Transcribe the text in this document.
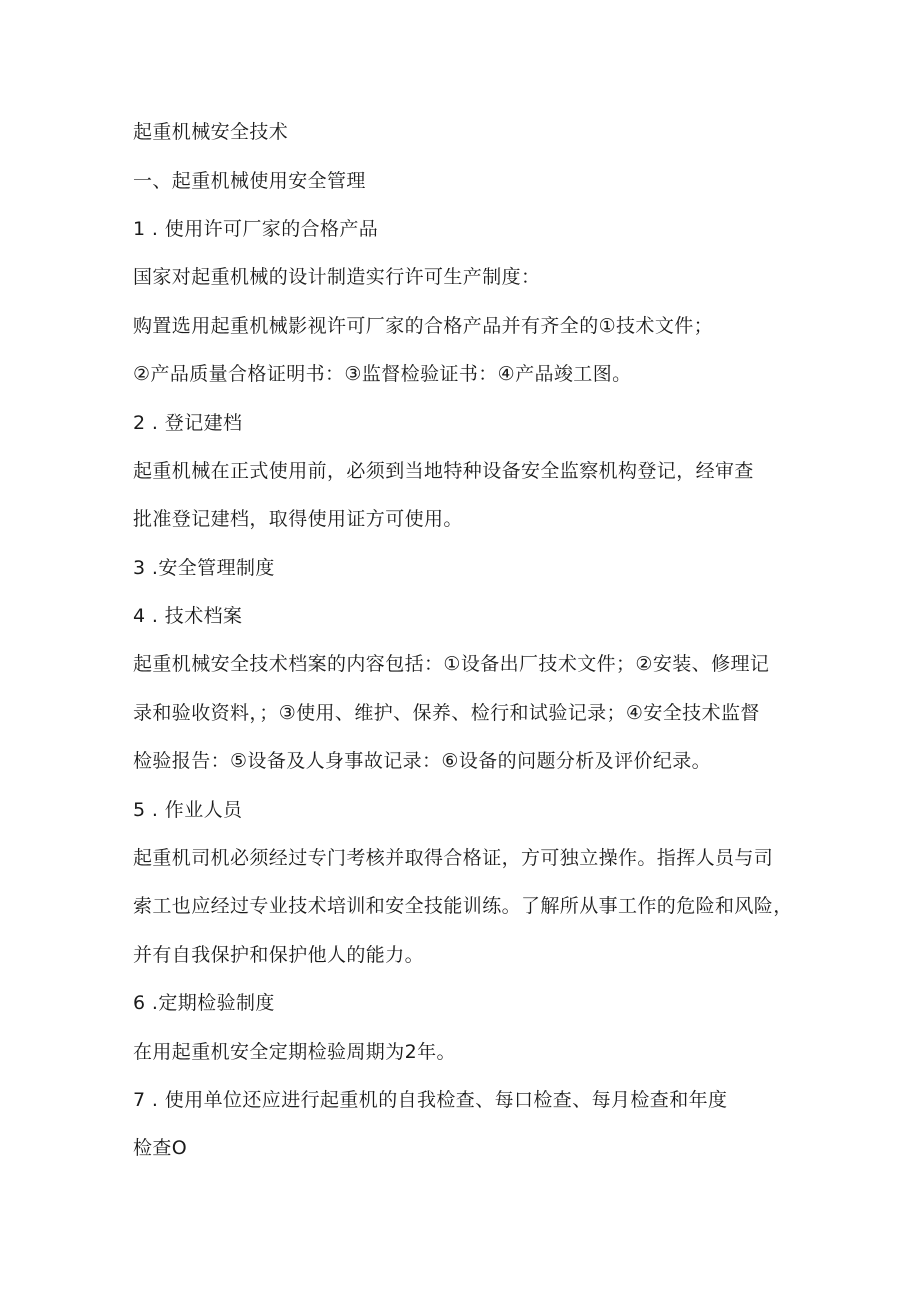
起重机械安全技术
一、起重机械使用安全管理
1 . 使用许可厂家的合格产品
国家对起重机械的设计制造实行许可生产制度：
购置选用起重机械影视许可厂家的合格产品并有齐全的①技术文件；
②产品质量合格证明书：③监督检验证书：④产品竣工图。
2 . 登记建档
起重机械在正式使用前，必须到当地特种设备安全监察机构登记，经审查
批准登记建档，取得使用证方可使用。
3 .安全管理制度
4 . 技术档案
起重机械安全技术档案的内容包括：①设备出厂技术文件；②安装、修理记
录和验收资料，；③使用、维护、保养、检行和试验记录；④安全技术监督
检验报告：⑤设备及人身事故记录：⑥设备的问题分析及评价纪录。
5 . 作业人员
起重机司机必须经过专门考核并取得合格证，方可独立操作。指挥人员与司
索工也应经过专业技术培训和安全技能训练。了解所从事工作的危险和风险，
并有自我保护和保护他人的能力。
6 .定期检验制度
在用起重机安全定期检验周期为2年。
7 . 使用单位还应进行起重机的自我检查、每口检查、每月检查和年度
检查O
